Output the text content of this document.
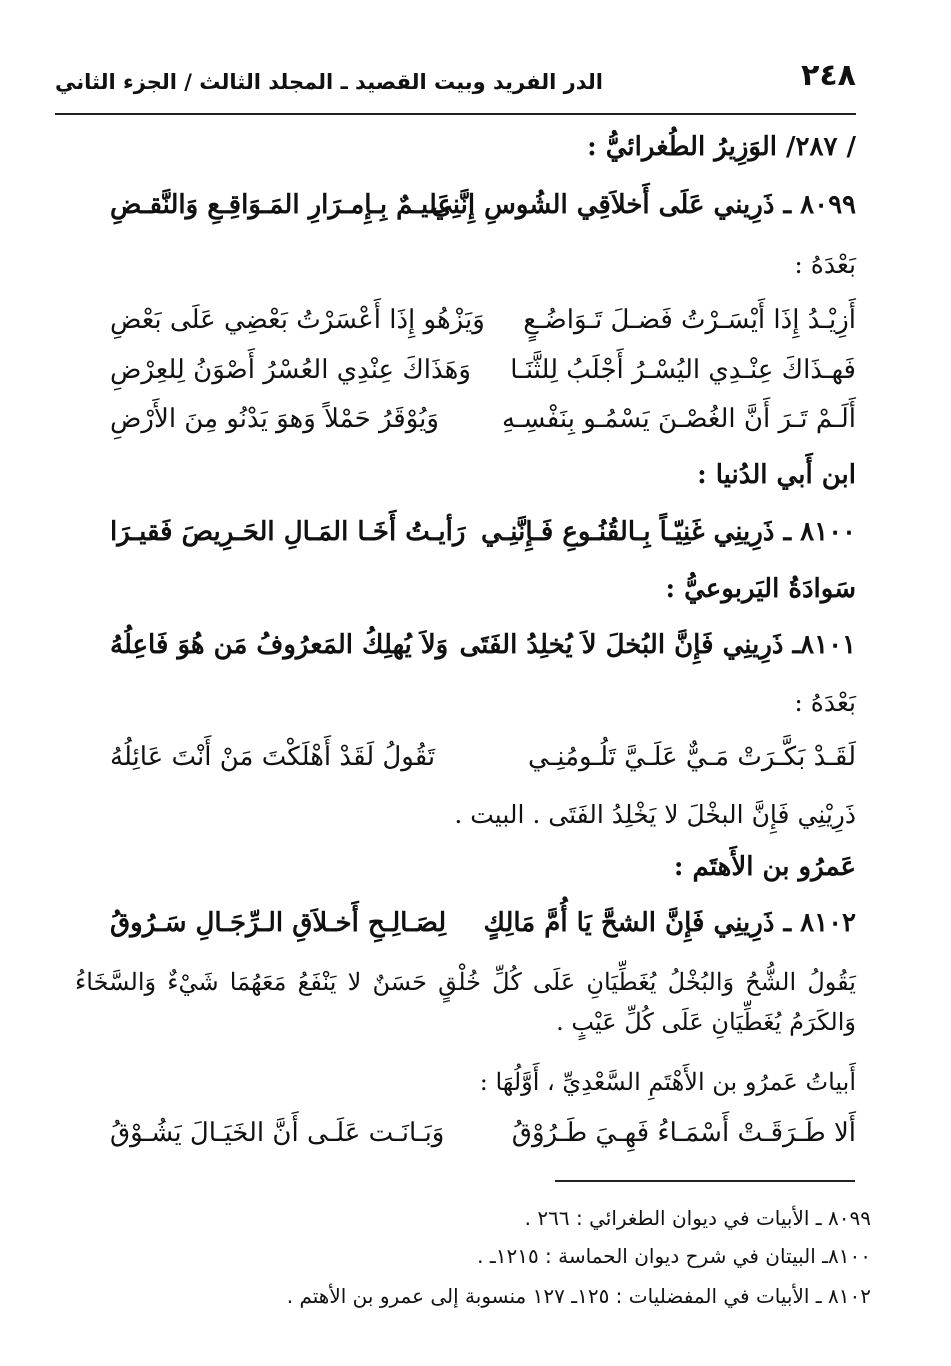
٢٤٨
الدر الفريد وبيت القصيد ـ المجلد الثالث / الجزء الثاني
/ ٢٨٧/ الوَزِيرُ الطُغرائيُّ :
٨٠٩٩ ـ ذَرِيني عَلَى أَخلاَقِي الشُوسِ إِنَّنِي
عَليـمٌ بِـإِمـرَارِ المَـوَاقِـعِ وَالنَّقـضِ
بَعْدَهُ :
أَزِيْـدُ إِذَا أَيْسَـرْتُ فَضـلَ تَـوَاضُـعٍ
وَيَزْهُو إِذَا أَعْسَرْتُ بَعْضِي عَلَى بَعْضِ
فَهـذَاكَ عِنْـدِي اليُسْـرُ أَجْلَبُ لِلثَّنَـا
وَهَذَاكَ عِنْدِي العُسْرُ أَصْوَنُ لِلعِرْضِ
أَلَـمْ تَـرَ أَنَّ الغُصْـنَ يَسْمُـو بِنَفْسِـهِ
وَيُوْقَرُ حَمْلاً وَهوَ يَدْنُو مِنَ الأَرْضِ
ابن أَبي الدُنيا :
٨١٠٠ ـ ذَرِينِي غَنِيّـاً بِـالقُنُـوعِ فَـإِنَّنِـي
رَأيـتُ أَخَـا المَـالِ الحَـرِيصَ فَقيـرَا
سَوادَةُ اليَربوعيُّ :
٨١٠١ـ ذَرِينِي فَإِنَّ البُخلَ لاَ يُخلِدُ الفَتَى
وَلاَ يُهلِكُ المَعرُوفُ مَن هُوَ فَاعِلُهُ
بَعْدَهُ :
لَقَـدْ بَكَّـرَتْ مَـيٌّ عَلَـيَّ تَلُـومُنِـي
تَقُولُ لَقَدْ أَهْلَكْتَ مَنْ أَنْتَ عَائِلُهُ
ذَرِيْنِي فَإِنَّ البخْلَ لا يَخْلِدُ الفَتَى . البيت .
عَمرُو بن الأَهتَم :
٨١٠٢ ـ ذَرِينِي فَإِنَّ الشحَّ يَا أُمَّ مَالِكٍ
لِصَـالِـحِ أَخـلاَقِ الـرِّجَـالِ سَـرُوقُ
يَقُولُ الشُّحُ وَالبُخْلُ يُغَطِّيَانِ عَلَى كُلِّ خُلْقٍ حَسَنٌ لا يَنْفَعُ مَعَهُمَا شَيْءٌ وَالسَّخَاءُ وَالكَرَمُ يُغَطِّيَانِ عَلَى كُلِّ عَيْبٍ .
أَبياتُ عَمرُو بن الأَهْتَمِ السَّعْدِيِّ ، أَوَّلُهَا :
أَلا طَـرَقَـتْ أَسْمَـاءُ فَهِـيَ طَـرُوْقُ
وَبَـانَـت عَلَـى أَنَّ الخَيَـالَ يَشُـوْقُ
٨٠٩٩ ـ الأبيات في ديوان الطغرائي : ٢٦٦ .
٨١٠٠ـ البيتان في شرح ديوان الحماسة : ١٢١٥ـ .
٨١٠٢ ـ الأبيات في المفضليات : ١٢٥ـ ١٢٧ منسوبة إلى عمرو بن الأهتم .
